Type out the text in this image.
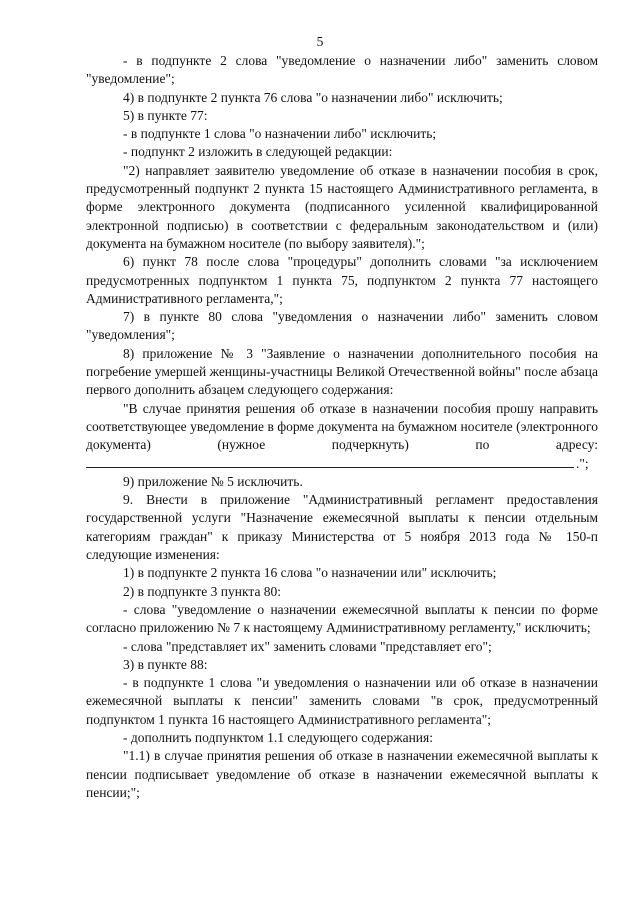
5

- в подпункте 2 слова "уведомление о назначении либо" заменить словом "уведомление";

4) в подпункте 2 пункта 76 слова "о назначении либо" исключить;

5) в пункте 77:

- в подпункте 1 слова "о назначении либо" исключить;

- подпункт 2 изложить в следующей редакции:

"2) направляет заявителю уведомление об отказе в назначении пособия в срок, предусмотренный подпункт 2 пункта 15 настоящего Административного регламента, в форме электронного документа (подписанного усиленной квалифицированной электронной подписью) в соответствии с федеральным законодательством и (или) документа на бумажном носителе (по выбору заявителя).";

6) пункт 78 после слова "процедуры" дополнить словами "за исключением предусмотренных подпунктом 1 пункта 75, подпунктом 2 пункта 77 настоящего Административного регламента,";

7) в пункте 80 слова "уведомления о назначении либо" заменить словом "уведомления";

8) приложение № 3 "Заявление о назначении дополнительного пособия на погребение умершей женщины-участницы Великой Отечественной войны" после абзаца первого дополнить абзацем следующего содержания:

"В случае принятия решения об отказе в назначении пособия прошу направить соответствующее уведомление в форме документа на бумажном носителе (электронного документа) (нужное подчеркнуть) по адресу:

.";

9) приложение № 5 исключить.

9. Внести в приложение "Административный регламент предоставления государственной услуги "Назначение ежемесячной выплаты к пенсии отдельным категориям граждан" к приказу Министерства от 5 ноября 2013 года № 150-п следующие изменения:

1) в подпункте 2 пункта 16 слова "о назначении или" исключить;

2) в подпункте 3 пункта 80:

- слова "уведомление о назначении ежемесячной выплаты к пенсии по форме согласно приложению № 7 к настоящему Административному регламенту," исключить;

- слова "представляет их" заменить словами "представляет его";

3) в пункте 88:

- в подпункте 1 слова "и уведомления о назначении или об отказе в назначении ежемесячной выплаты к пенсии" заменить словами "в срок, предусмотренный подпунктом 1 пункта 16 настоящего Административного регламента";

- дополнить подпунктом 1.1 следующего содержания:

"1.1) в случае принятия решения об отказе в назначении ежемесячной выплаты к пенсии подписывает уведомление об отказе в назначении ежемесячной выплаты к пенсии;";
